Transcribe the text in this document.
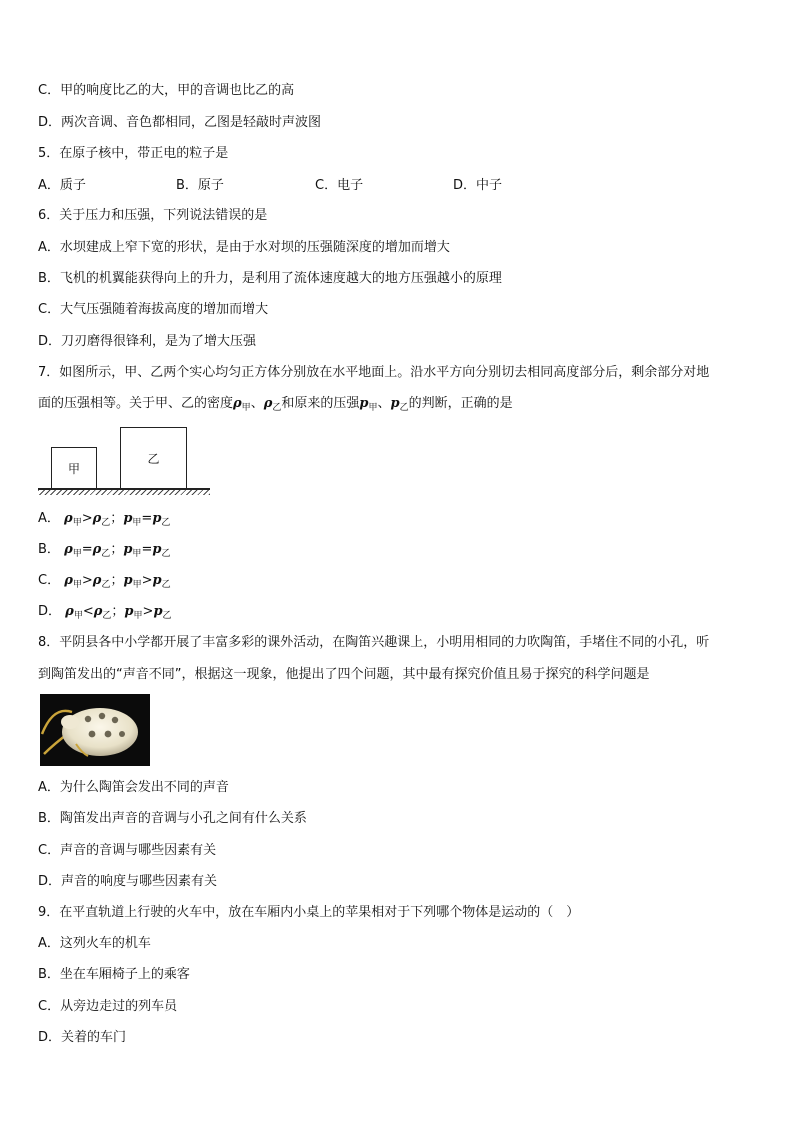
C．甲的响度比乙的大，甲的音调也比乙的高
D．两次音调、音色都相同，乙图是轻敲时声波图
5．在原子核中，带正电的粒子是
A．质子	B．原子	C．电子	D．中子
6．关于压力和压强，下列说法错误的是
A．水坝建成上窄下宽的形状，是由于水对坝的压强随深度的增加而增大
B．飞机的机翼能获得向上的升力，是利用了流体速度越大的地方压强越小的原理
C．大气压强随着海拔高度的增加而增大
D．刀刃磨得很锋利，是为了增大压强
7．如图所示，甲、乙两个实心均匀正方体分别放在水平地面上。沿水平方向分别切去相同高度部分后，剩余部分对地
面的压强相等。关于甲、乙的密度$\rho_甲$、$\rho_乙$和原来的压强$p_甲$、$p_乙$的判断，正确的是
甲
乙
A． $\rho_甲>\rho_乙$；$p_甲=p_乙$
B． $\rho_甲=\rho_乙$；$p_甲=p_乙$
C． $\rho_甲>\rho_乙$；$p_甲>p_乙$
D． $\rho_甲<\rho_乙$；$p_甲>p_乙$
8．平阴县各中小学都开展了丰富多彩的课外活动，在陶笛兴趣课上，小明用相同的力吹陶笛，手堵住不同的小孔，听
到陶笛发出的“声音不同”，根据这一现象，他提出了四个问题，其中最有探究价值且易于探究的科学问题是
A．为什么陶笛会发出不同的声音
B．陶笛发出声音的音调与小孔之间有什么关系
C．声音的音调与哪些因素有关
D．声音的响度与哪些因素有关
9．在平直轨道上行驶的火车中，放在车厢内小桌上的苹果相对于下列哪个物体是运动的（　）
A．这列火车的机车
B．坐在车厢椅子上的乘客
C．从旁边走过的列车员
D．关着的车门
